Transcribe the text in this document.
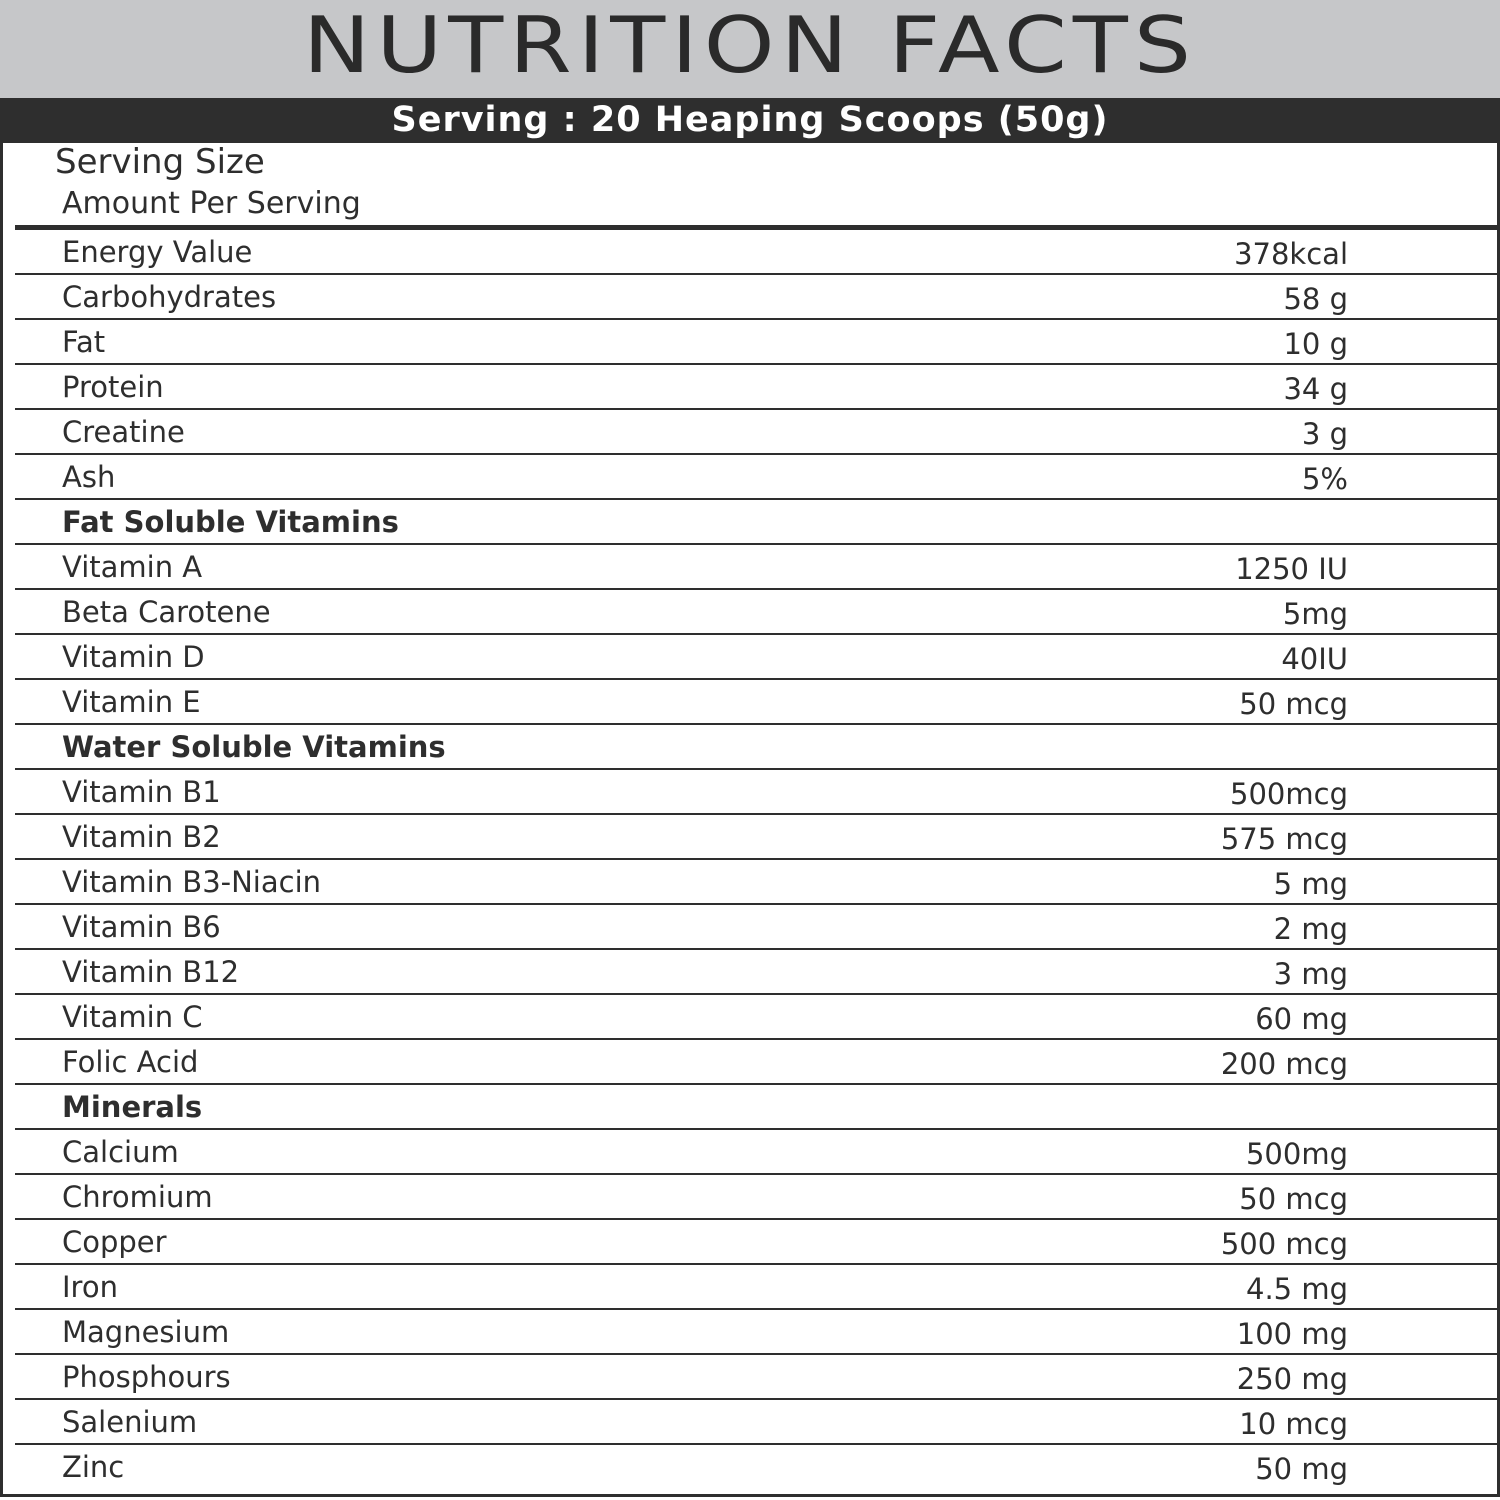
NUTRITION FACTS
Serving : 20 Heaping Scoops (50g)
Serving Size
Amount Per Serving
Energy Value	378kcal
Carbohydrates	58 g
Fat	10 g
Protein	34 g
Creatine	3 g
Ash	5%
Fat Soluble Vitamins
Vitamin A	1250 IU
Beta Carotene	5mg
Vitamin D	40IU
Vitamin E	50 mcg
Water Soluble Vitamins
Vitamin B1	500mcg
Vitamin B2	575 mcg
Vitamin B3-Niacin	5 mg
Vitamin B6	2 mg
Vitamin B12	3 mg
Vitamin C	60 mg
Folic Acid	200 mcg
Minerals
Calcium	500mg
Chromium	50 mcg
Copper	500 mcg
Iron	4.5 mg
Magnesium	100 mg
Phosphours	250 mg
Salenium	10 mcg
Zinc	50 mg
